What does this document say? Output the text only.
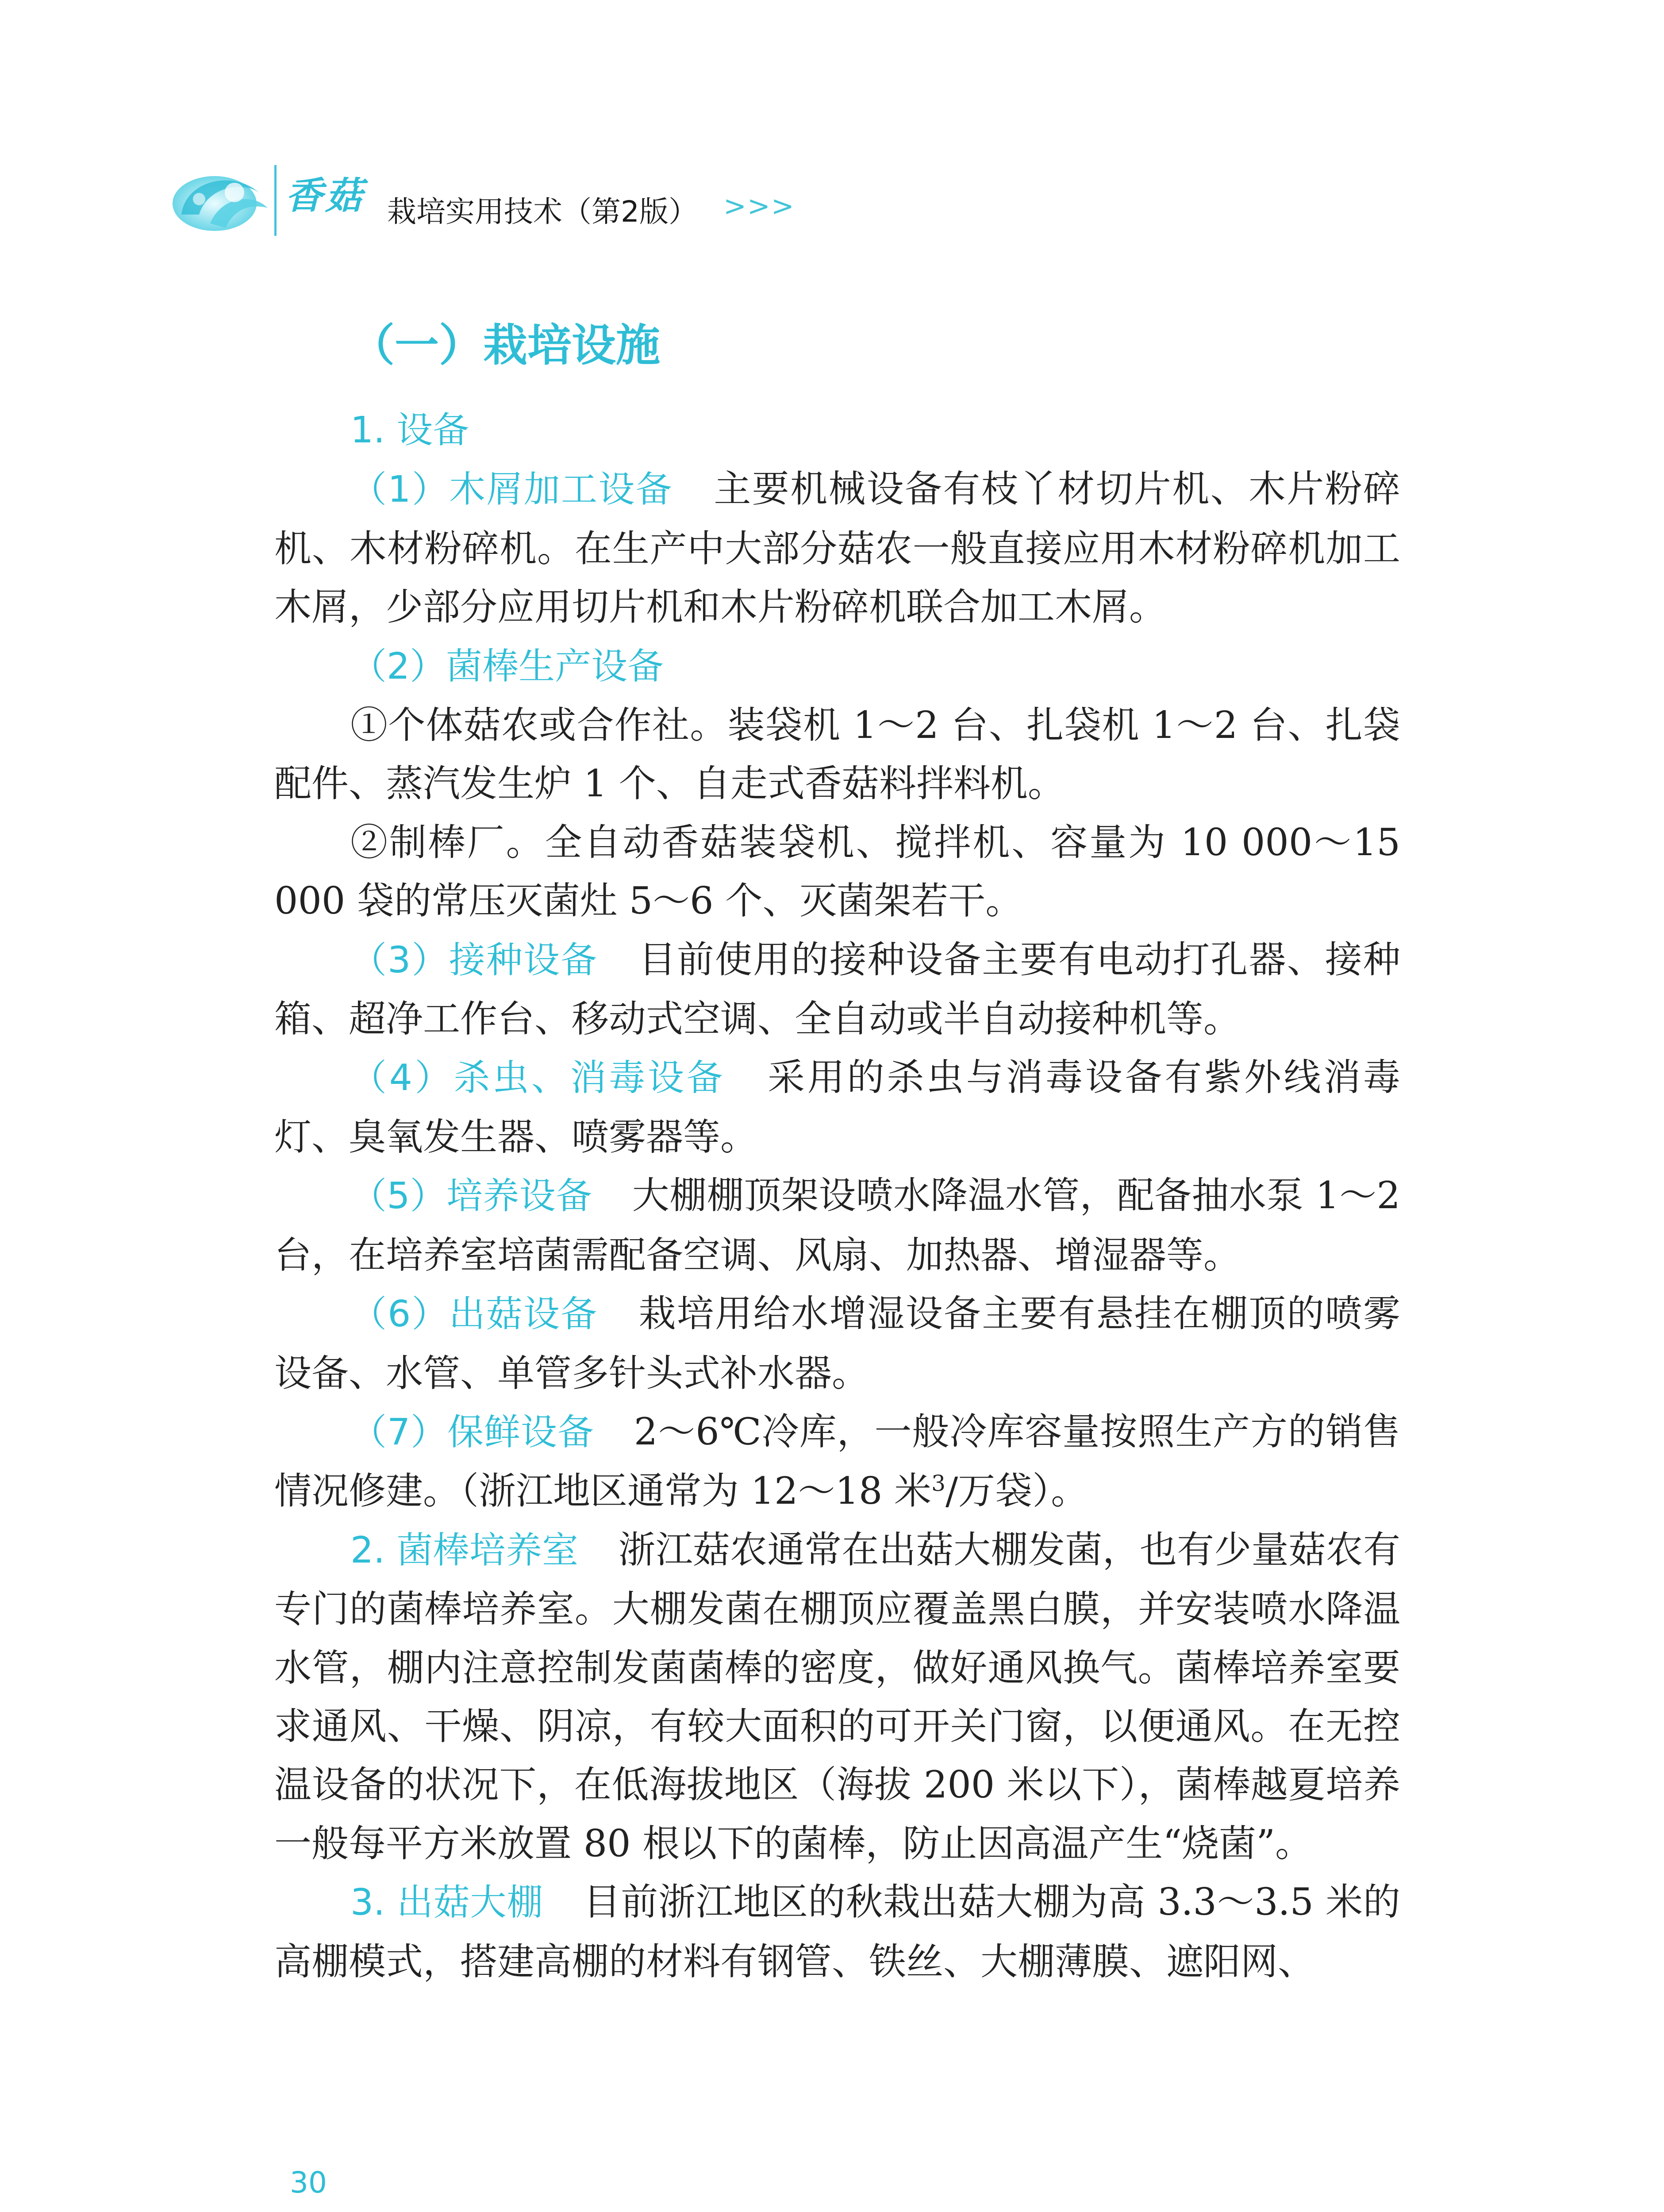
香菇 栽培实用技术（第2版） >>>
（一）栽培设施

1. 设备

（1）木屑加工设备 主要机械设备有枝丫材切片机、木片粉碎机、木材粉碎机。在生产中大部分菇农一般直接应用木材粉碎机加工木屑，少部分应用切片机和木片粉碎机联合加工木屑。

（2）菌棒生产设备

①个体菇农或合作社。装袋机 1～2 台、扎袋机 1～2 台、扎袋配件、蒸汽发生炉 1 个、自走式香菇料拌料机。

②制棒厂。全自动香菇装袋机、搅拌机、容量为 10 000～15 000 袋的常压灭菌灶 5～6 个、灭菌架若干。

（3）接种设备 目前使用的接种设备主要有电动打孔器、接种箱、超净工作台、移动式空调、全自动或半自动接种机等。

（4）杀虫、消毒设备 采用的杀虫与消毒设备有紫外线消毒灯、臭氧发生器、喷雾器等。

（5）培养设备 大棚棚顶架设喷水降温水管，配备抽水泵 1～2 台，在培养室培菌需配备空调、风扇、加热器、增湿器等。

（6）出菇设备 栽培用给水增湿设备主要有悬挂在棚顶的喷雾设备、水管、单管多针头式补水器。

（7）保鲜设备 2～6℃冷库，一般冷库容量按照生产方的销售情况修建。（浙江地区通常为 12～18 米$^3$/万袋）。

2. 菌棒培养室 浙江菇农通常在出菇大棚发菌，也有少量菇农有专门的菌棒培养室。大棚发菌在棚顶应覆盖黑白膜，并安装喷水降温水管，棚内注意控制发菌菌棒的密度，做好通风换气。菌棒培养室要求通风、干燥、阴凉，有较大面积的可开关门窗，以便通风。在无控温设备的状况下，在低海拔地区（海拔 200 米以下），菌棒越夏培养一般每平方米放置 80 根以下的菌棒，防止因高温产生“烧菌”。

3. 出菇大棚 目前浙江地区的秋栽出菇大棚为高 3.3～3.5 米的高棚模式，搭建高棚的材料有钢管、铁丝、大棚薄膜、遮阳网、

30
